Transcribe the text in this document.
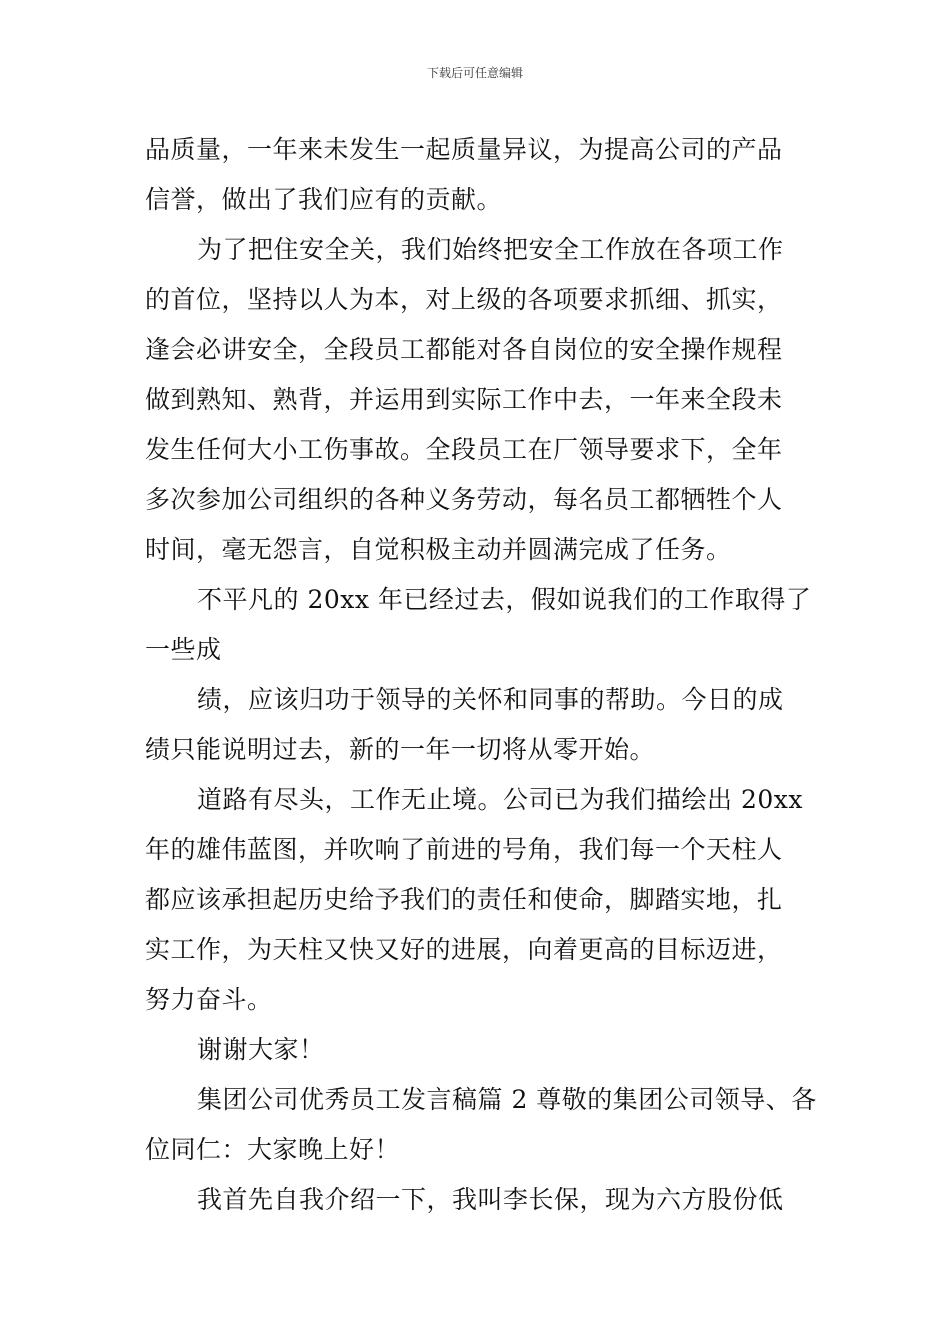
下载后可任意编辑
品质量，一年来未发生一起质量异议，为提高公司的产品
信誉，做出了我们应有的贡献。
为了把住安全关，我们始终把安全工作放在各项工作
的首位，坚持以人为本，对上级的各项要求抓细、抓实，
逢会必讲安全，全段员工都能对各自岗位的安全操作规程
做到熟知、熟背，并运用到实际工作中去，一年来全段未
发生任何大小工伤事故。全段员工在厂领导要求下，全年
多次参加公司组织的各种义务劳动，每名员工都牺牲个人
时间，毫无怨言，自觉积极主动并圆满完成了任务。
不平凡的 20xx 年已经过去，假如说我们的工作取得了
一些成
绩，应该归功于领导的关怀和同事的帮助。今日的成
绩只能说明过去，新的一年一切将从零开始。
道路有尽头，工作无止境。公司已为我们描绘出 20xx
年的雄伟蓝图，并吹响了前进的号角，我们每一个天柱人
都应该承担起历史给予我们的责任和使命，脚踏实地，扎
实工作，为天柱又快又好的进展，向着更高的目标迈进，
努力奋斗。
谢谢大家！
集团公司优秀员工发言稿篇 2 尊敬的集团公司领导、各
位同仁：大家晚上好！
我首先自我介绍一下，我叫李长保，现为六方股份低
